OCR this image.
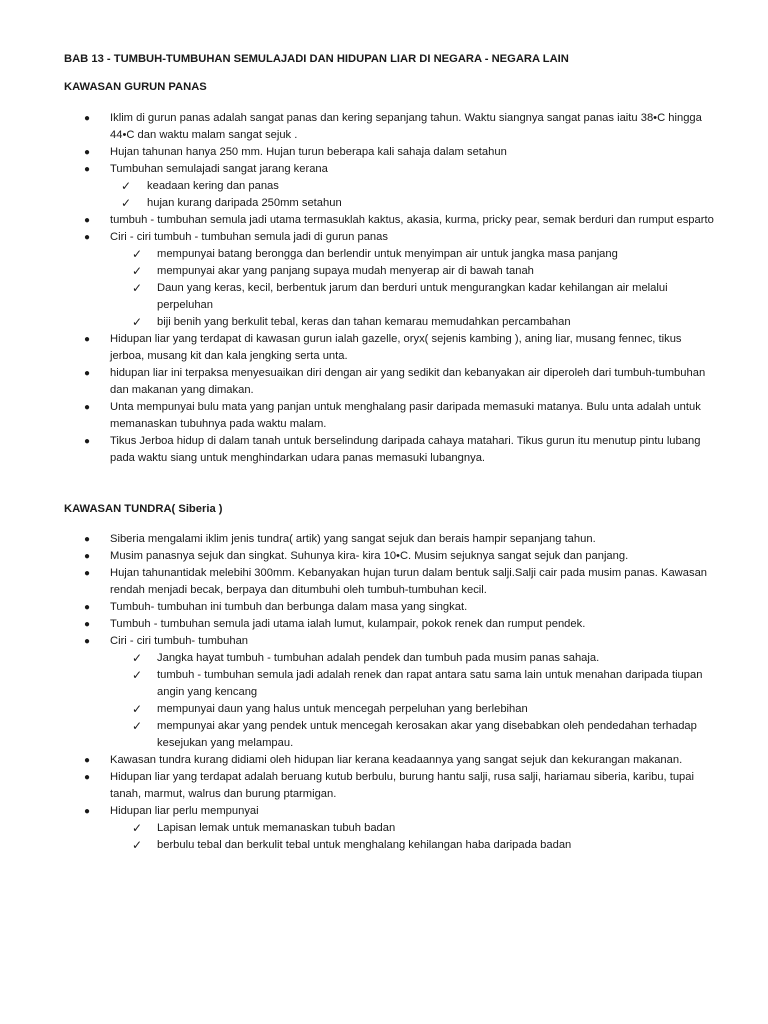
BAB 13 - TUMBUH-TUMBUHAN SEMULAJADI DAN HIDUPAN LIAR DI NEGARA - NEGARA LAIN
KAWASAN GURUN PANAS
● Iklim di gurun panas adalah sangat panas dan kering sepanjang tahun. Waktu siangnya sangat panas iaitu 38•C hingga 44•C dan waktu malam sangat sejuk .
● Hujan tahunan hanya 250 mm. Hujan turun beberapa kali sahaja dalam setahun
● Tumbuhan semulajadi sangat jarang kerana
✓ keadaan kering dan panas
✓ hujan kurang daripada 250mm setahun
● tumbuh - tumbuhan semula jadi utama termasuklah kaktus, akasia, kurma, pricky pear, semak berduri dan rumput esparto
● Ciri - ciri tumbuh - tumbuhan semula jadi di gurun panas
✓ mempunyai batang berongga dan berlendir untuk menyimpan air untuk jangka masa panjang
✓ mempunyai akar yang panjang supaya mudah menyerap air di bawah tanah
✓ Daun yang keras, kecil, berbentuk jarum dan berduri untuk mengurangkan kadar kehilangan air melalui perpeluhan
✓ biji benih yang berkulit tebal, keras dan tahan kemarau memudahkan percambahan
● Hidupan liar yang terdapat di kawasan gurun ialah gazelle, oryx( sejenis kambing ), aning liar, musang fennec, tikus jerboa, musang kit dan kala jengking serta unta.
● hidupan liar ini terpaksa menyesuaikan diri dengan air yang sedikit dan kebanyakan air diperoleh dari tumbuh-tumbuhan dan makanan yang dimakan.
● Unta mempunyai bulu mata yang panjan untuk menghalang pasir daripada memasuki matanya. Bulu unta adalah untuk memanaskan tubuhnya pada waktu malam.
● Tikus Jerboa hidup di dalam tanah untuk berselindung daripada cahaya matahari. Tikus gurun itu menutup pintu lubang pada waktu siang untuk menghindarkan udara panas memasuki lubangnya.
KAWASAN TUNDRA( Siberia )
● Siberia mengalami iklim jenis tundra( artik) yang sangat sejuk dan berais hampir sepanjang tahun.
● Musim panasnya sejuk dan singkat. Suhunya kira- kira 10•C. Musim sejuknya sangat sejuk dan panjang.
● Hujan tahunantidak melebihi 300mm. Kebanyakan hujan turun dalam bentuk salji.Salji cair pada musim panas. Kawasan rendah menjadi becak, berpaya dan ditumbuhi oleh tumbuh-tumbuhan kecil.
● Tumbuh- tumbuhan ini tumbuh dan berbunga dalam masa yang singkat.
● Tumbuh - tumbuhan semula jadi utama ialah lumut, kulampair, pokok renek dan rumput pendek.
● Ciri - ciri tumbuh- tumbuhan
✓ Jangka hayat tumbuh - tumbuhan adalah pendek dan tumbuh pada musim panas sahaja.
✓ tumbuh - tumbuhan semula jadi adalah renek dan rapat antara satu sama lain untuk menahan daripada tiupan angin yang kencang
✓ mempunyai daun yang halus untuk mencegah perpeluhan yang berlebihan
✓ mempunyai akar yang pendek untuk mencegah kerosakan akar yang disebabkan oleh pendedahan terhadap kesejukan yang melampau.
● Kawasan tundra kurang didiami oleh hidupan liar kerana keadaannya yang sangat sejuk dan kekurangan makanan.
● Hidupan liar yang terdapat adalah beruang kutub berbulu, burung hantu salji, rusa salji, hariamau siberia, karibu, tupai tanah, marmut, walrus dan burung ptarmigan.
● Hidupan liar perlu mempunyai
✓ Lapisan lemak untuk memanaskan tubuh badan
✓ berbulu tebal dan berkulit tebal untuk menghalang kehilangan haba daripada badan
